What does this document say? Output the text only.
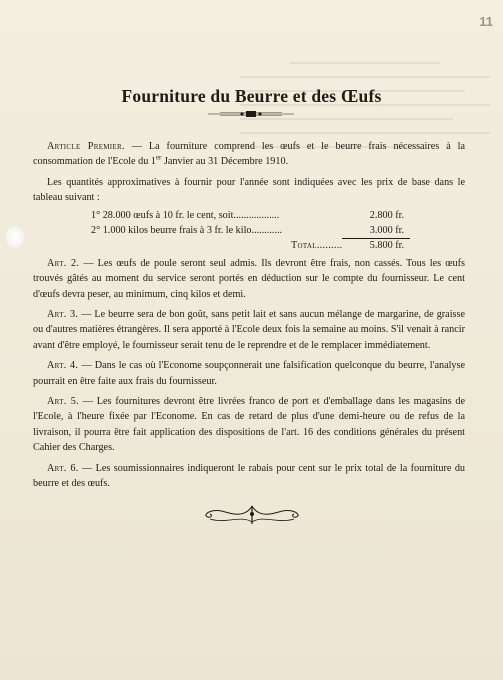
11
Fourniture du Beurre et des Œufs

Article Premier. — La fourniture comprend les œufs et le beurre frais nécessaires à la consommation de l'Ecole du 1er Janvier au 31 Décembre 1910.

Les quantités approximatives à fournir pour l'année sont indiquées avec les prix de base dans le tableau suivant :

1° 28.000 œufs à 10 fr. le cent, soit..................	2.800 fr.
2° 1.000 kilos beurre frais à 3 fr. le kilo............	3.000 fr.
Total.........	5.800 fr.

Art. 2. — Les œufs de poule seront seul admis. Ils devront être frais, non cassés. Tous les œufs trouvés gâtés au moment du service seront portés en déduction sur le compte du fournisseur. Le cent d'œufs devra peser, au minimum, cinq kilos et demi.

Art. 3. — Le beurre sera de bon goût, sans petit lait et sans aucun mélange de margarine, de graisse ou d'autres matières étrangères. Il sera apporté à l'Ecole deux fois la semaine au moins. S'il venait à rancir avant d'être employé, le fournisseur serait tenu de le reprendre et de le remplacer immédiatement.

Art. 4. — Dans le cas où l'Econome soupçonnerait une falsification quelconque du beurre, l'analyse pourrait en être faite aux frais du fournisseur.

Art. 5. — Les fournitures devront être livrées franco de port et d'emballage dans les magasins de l'Ecole, à l'heure fixée par l'Econome. En cas de retard de plus d'une demi-heure ou de refus de la livraison, il pourra être fait application des dispositions de l'art. 16 des conditions générales du présent Cahier des Charges.

Art. 6. — Les soumissionnaires indiqueront le rabais pour cent sur le prix total de la fourniture du beurre et des œufs.
